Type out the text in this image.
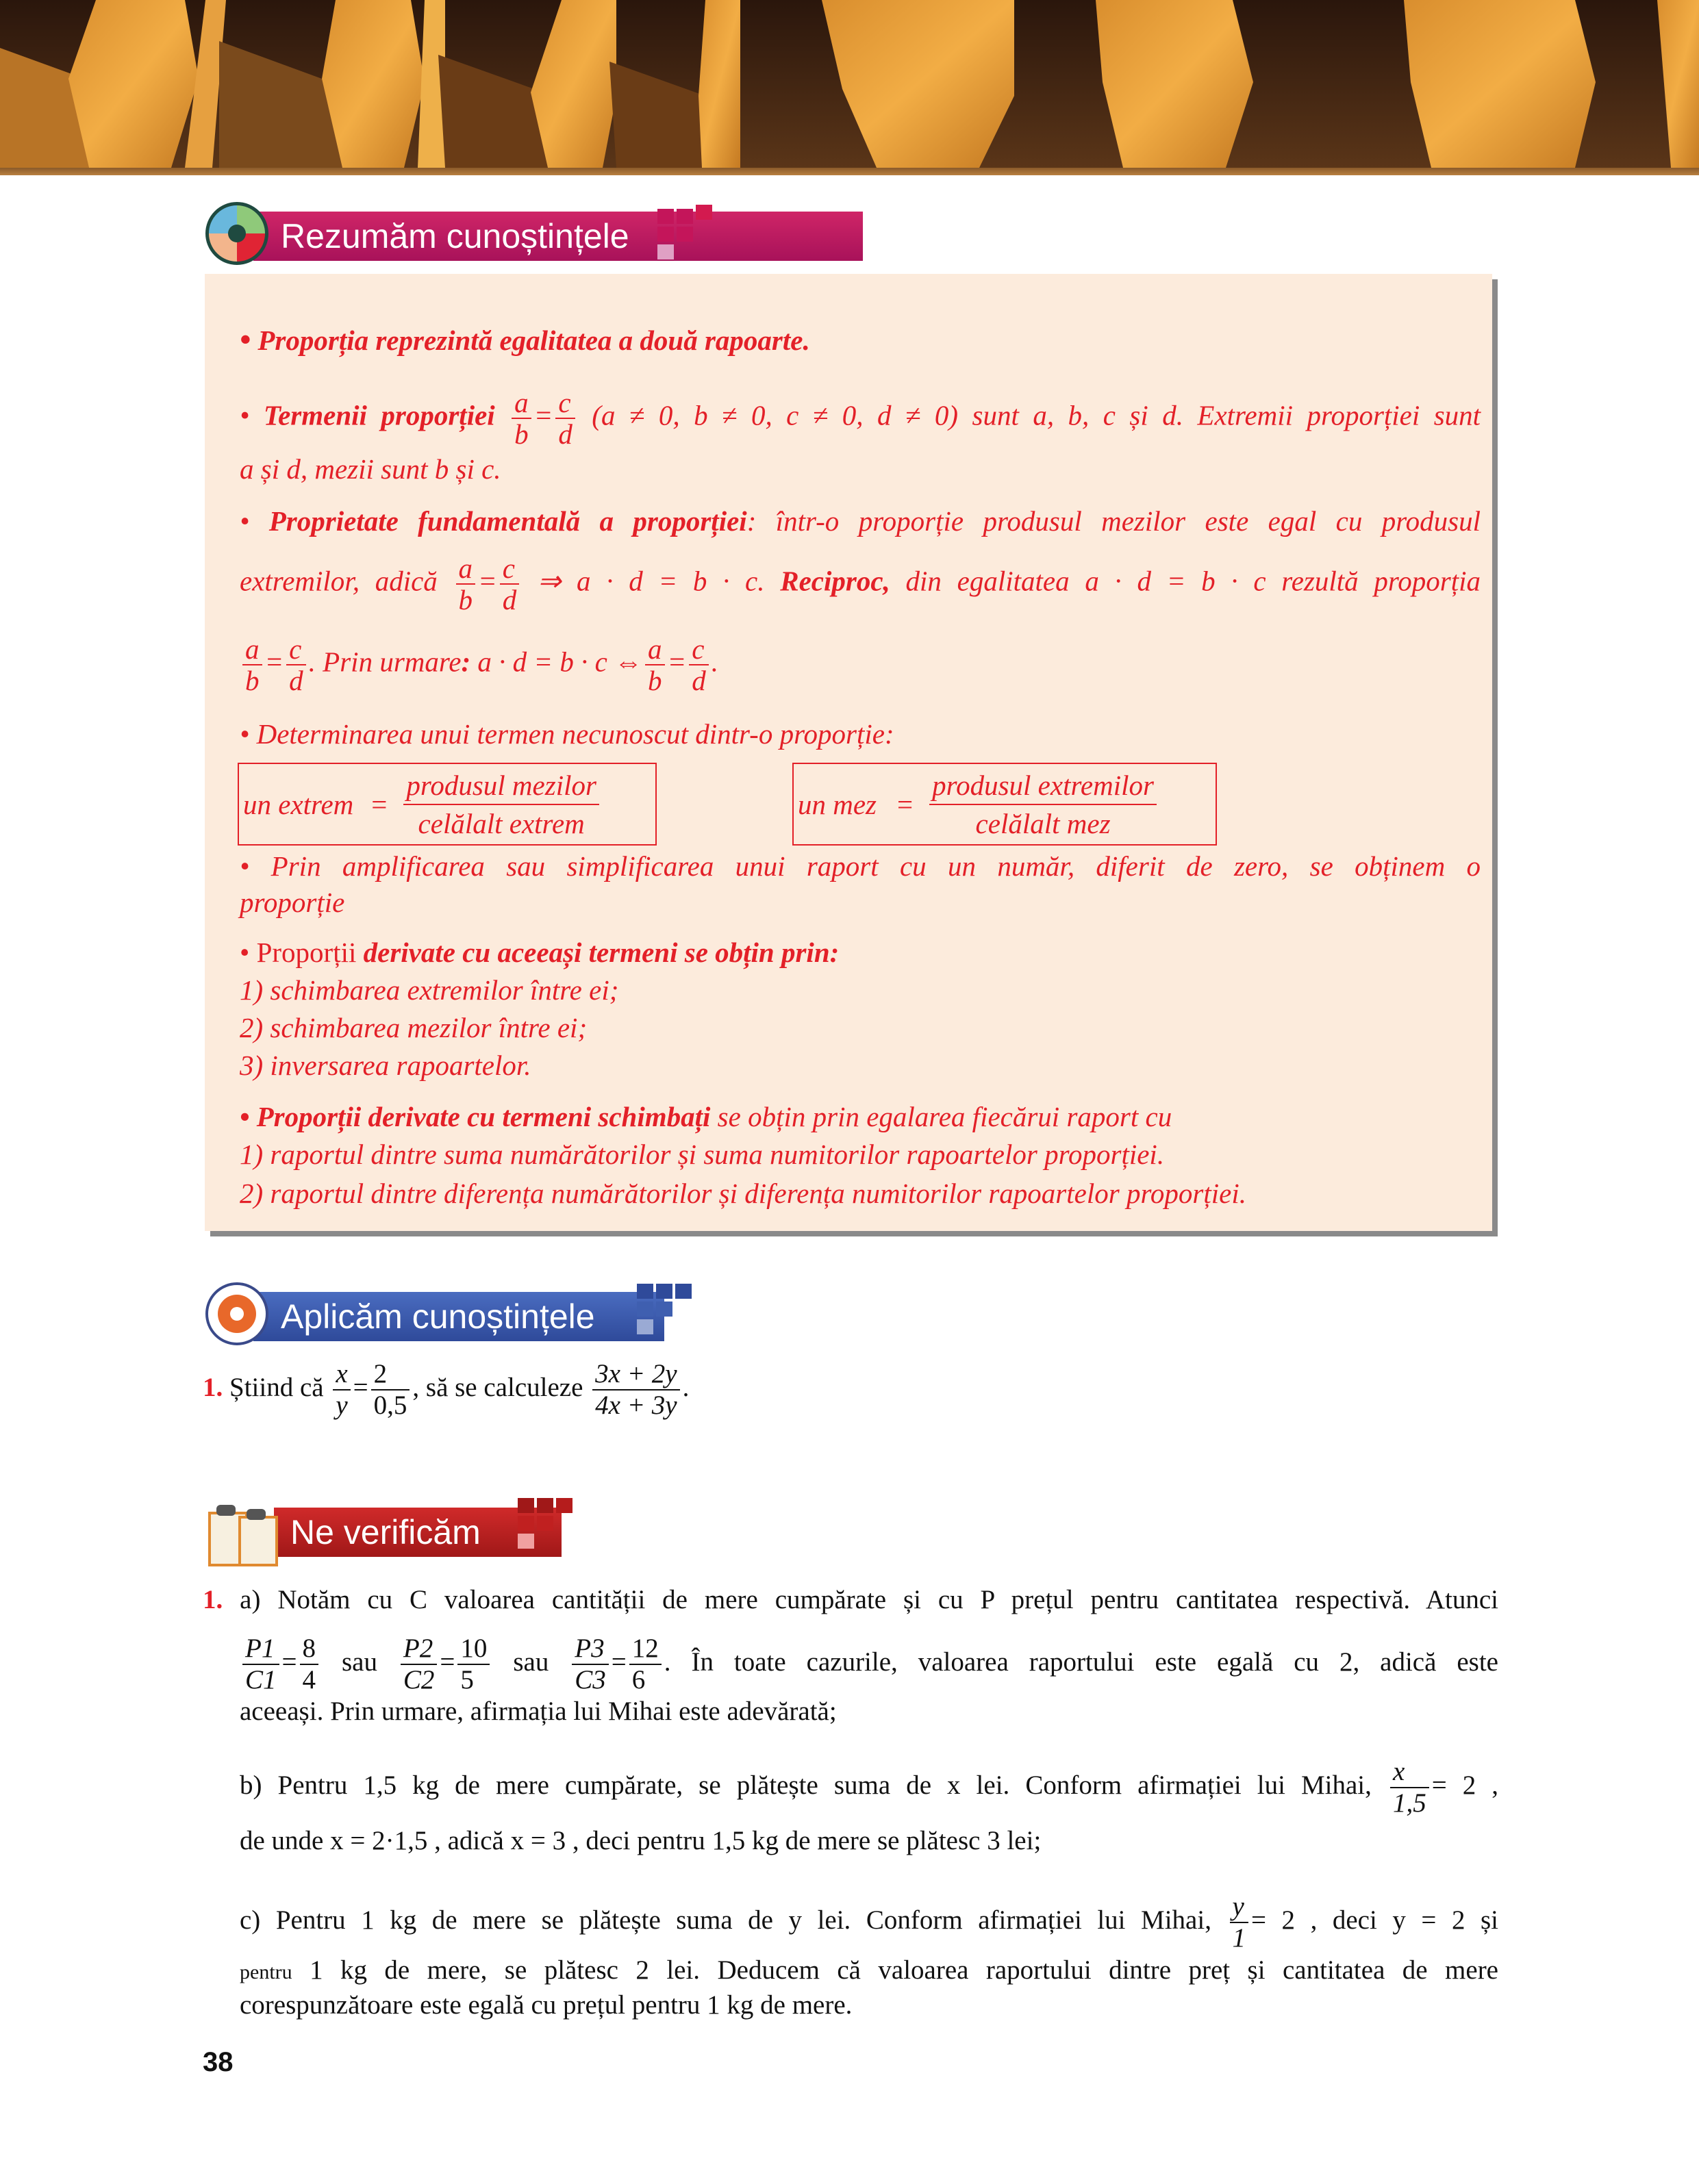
Rezumăm cunoștințele
• Proporția reprezintă egalitatea a două rapoarte.
• Termenii proporției $\frac{a}{b} = \frac{c}{d} (a \ne 0$, b ≠ 0, c ≠ 0, d ≠ 0) sunt a, b, c și d. Extremii proporției sunt
a și d, mezii sunt b și c.
• Proprietate fundamentală a proporției: într-o proporție produsul mezilor este egal cu produsul
extremilor, adică $\frac{a}{b} = \frac{c}{d}$ ⇒ a · d = b · c. Reciproc, din egalitatea a · d = b · c rezultă proporția
$\frac{a}{b} = \frac{c}{d}$ . Prin urmare: a · d = b · c ⇔ $\frac{a}{b} = \frac{c}{d}$ .
• Determinarea unui termen necunoscut dintr-o proporție:
un extrem = $\frac{\text{produsul mezilor}}{\text{celălalt extrem}}$	un mez = $\frac{\text{produsul extremilor}}{\text{celălalt mez}}$
• Prin amplificarea sau simplificarea unui raport cu un număr, diferit de zero, se obținem o
proporție
• Proporții derivate cu aceeași termeni se obțin prin:
1) schimbarea extremilor între ei;
2) schimbarea mezilor între ei;
3) inversarea rapoartelor.
• Proporții derivate cu termeni schimbați se obțin prin egalarea fiecărui raport cu
1) raportul dintre suma numărătorilor și suma numitorilor rapoartelor proporției.
2) raportul dintre diferența numărătorilor și diferența numitorilor rapoartelor proporției.
Aplicăm cunoștințele
1. Știind că $\frac{x}{y} = \frac{2}{0,5}$ , să se calculeze $\frac{3x + 2y}{4x + 3y}$ .
Ne verificăm
1. a) Notăm cu C valoarea cantității de mere cumpărate și cu P prețul pentru cantitatea respectivă. Atunci
$\frac{P1}{C1} = \frac{8}{4}$ sau $\frac{P2}{C2} = \frac{10}{5}$ sau $\frac{P3}{C3} = \frac{12}{6}$ . În toate cazurile, valoarea raportului este egală cu 2, adică este
aceeași. Prin urmare, afirmația lui Mihai este adevărată;
b) Pentru 1,5 kg de mere cumpărate, se plătește suma de x lei. Conform afirmației lui Mihai, $\frac{x}{1,5} = 2$ ,
de unde x = 2·1,5 , adică x = 3 , deci pentru 1,5 kg de mere se plătesc 3 lei;
c) Pentru 1 kg de mere se plătește suma de y lei. Conform afirmației lui Mihai, $\frac{y}{1} = 2$ , deci y = 2 și
pentru 1 kg de mere, se plătesc 2 lei. Deducem că valoarea raportului dintre preț și cantitatea de mere
corespunzătoare este egală cu prețul pentru 1 kg de mere.
38
